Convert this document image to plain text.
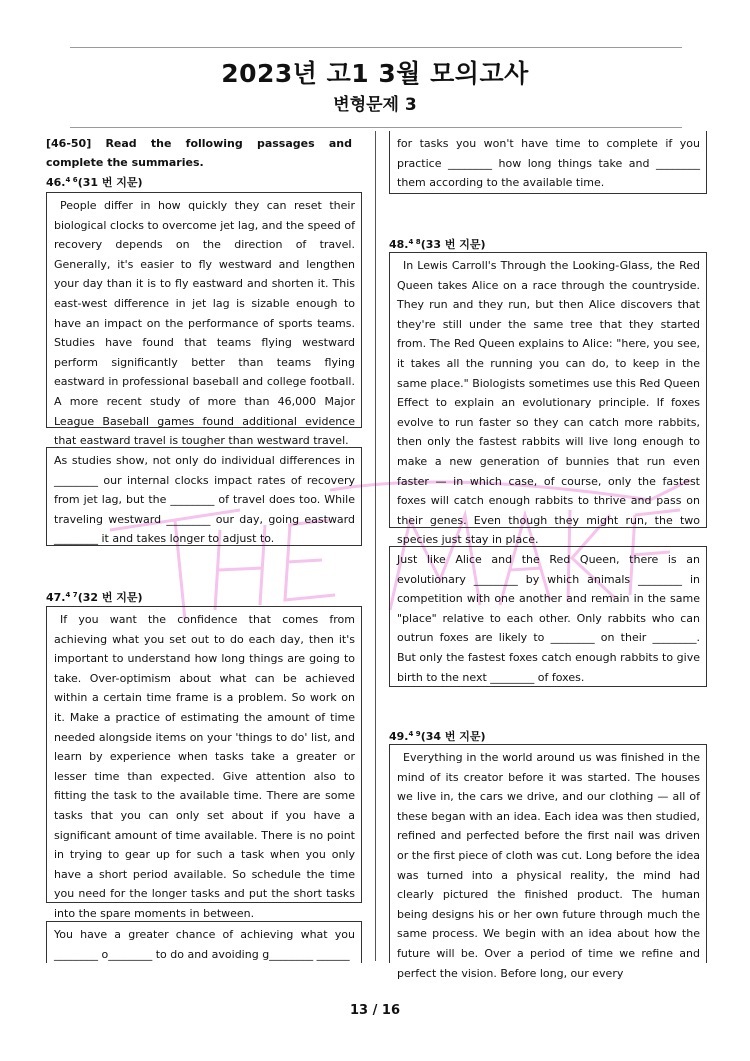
2023년 고1 3월 모의고사
변형문제 3
[46-50] Read the following passages and complete the summaries.
46.$^{4 6}$(31 번 지문)

People differ in how quickly they can reset their biological clocks to overcome jet lag, and the speed of recovery depends on the direction of travel. Generally, it's easier to fly westward and lengthen your day than it is to fly eastward and shorten it. This east-west difference in jet lag is sizable enough to have an impact on the performance of sports teams. Studies have found that teams flying westward perform significantly better than teams flying eastward in professional baseball and college football. A more recent study of more than 46,000 Major League Baseball games found additional evidence that eastward travel is tougher than westward travel.

As studies show, not only do individual differences in ________ our internal clocks impact rates of recovery from jet lag, but the ________ of travel does too. While traveling westward ________ our day, going eastward ________ it and takes longer to adjust to.

47.$^{4 7}$(32 번 지문)

If you want the confidence that comes from achieving what you set out to do each day, then it's important to understand how long things are going to take. Over-optimism about what can be achieved within a certain time frame is a problem. So work on it. Make a practice of estimating the amount of time needed alongside items on your 'things to do' list, and learn by experience when tasks take a greater or lesser time than expected. Give attention also to fitting the task to the available time. There are some tasks that you can only set about if you have a significant amount of time available. There is no point in trying to gear up for such a task when you only have a short period available. So schedule the time you need for the longer tasks and put the short tasks into the spare moments in between.

You have a greater chance of achieving what you ________ o________ to do and avoiding g________ ______

for tasks you won't have time to complete if you practice ________ how long things take and ________ them according to the available time.

48.$^{4 8}$(33 번 지문)

In Lewis Carroll's Through the Looking-Glass, the Red Queen takes Alice on a race through the countryside. They run and they run, but then Alice discovers that they're still under the same tree that they started from. The Red Queen explains to Alice: "here, you see, it takes all the running you can do, to keep in the same place." Biologists sometimes use this Red Queen Effect to explain an evolutionary principle. If foxes evolve to run faster so they can catch more rabbits, then only the fastest rabbits will live long enough to make a new generation of bunnies that run even faster — in which case, of course, only the fastest foxes will catch enough rabbits to thrive and pass on their genes. Even though they might run, the two species just stay in place.

Just like Alice and the Red Queen, there is an evolutionary ________ by which animals ________ in competition with one another and remain in the same "place" relative to each other. Only rabbits who can outrun foxes are likely to ________ on their ________. But only the fastest foxes catch enough rabbits to give birth to the next ________ of foxes.

49.$^{4 9}$(34 번 지문)

Everything in the world around us was finished in the mind of its creator before it was started. The houses we live in, the cars we drive, and our clothing — all of these began with an idea. Each idea was then studied, refined and perfected before the first nail was driven or the first piece of cloth was cut. Long before the idea was turned into a physical reality, the mind had clearly pictured the finished product. The human being designs his or her own future through much the same process. We begin with an idea about how the future will be. Over a period of time we refine and perfect the vision. Before long, our every

13 / 16
